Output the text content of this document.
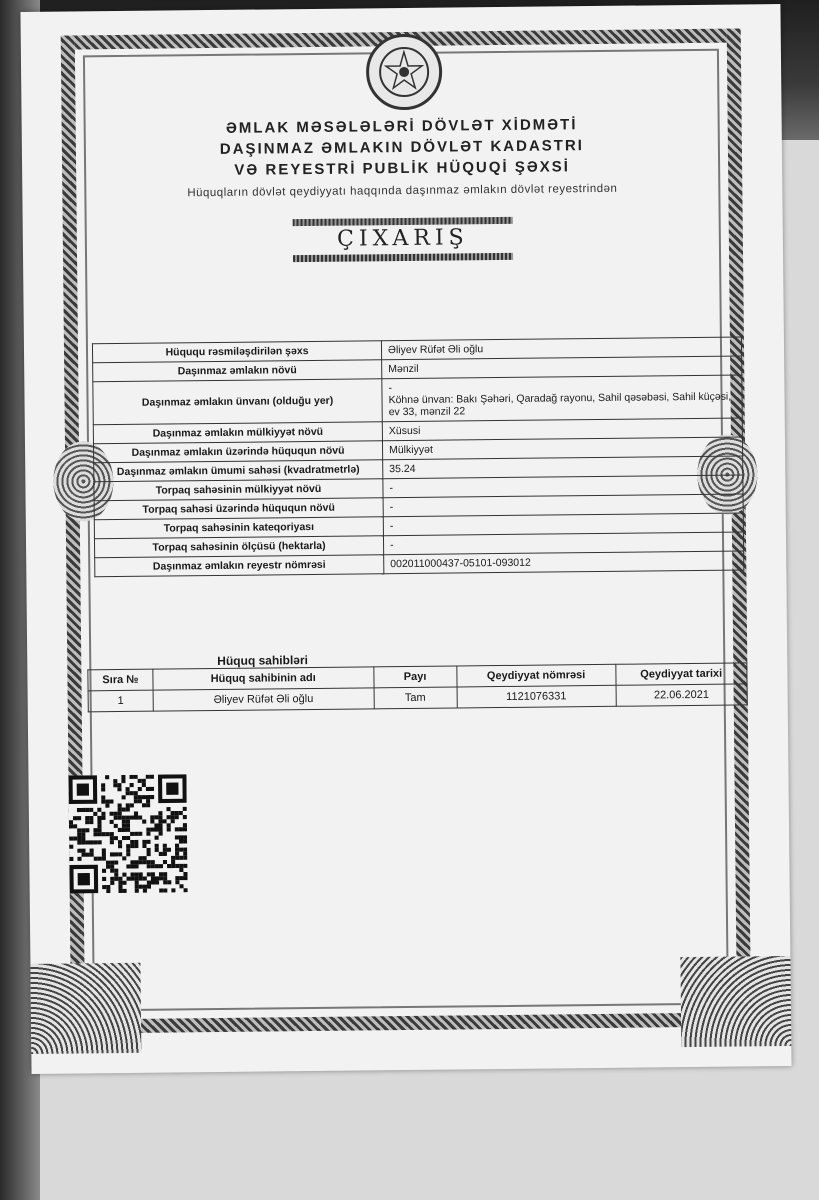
ƏMLAK MƏSƏLƏLƏRİ DÖVLƏT XİDMƏTİ
DAŞINMAZ ƏMLAKIN DÖVLƏT KADASTRI
VƏ REYESTRİ PUBLİK HÜQUQİ ŞƏXSİ
Hüquqların dövlət qeydiyyatı haqqında daşınmaz əmlakın dövlət reyestrindən
ÇIXARIŞ
Hüququ rəsmiləşdirilən şəxs	Əliyev Rüfət Əli oğlu
Daşınmaz əmlakın növü	Mənzil
Daşınmaz əmlakın ünvanı (olduğu yer)	-
Köhnə ünvan: Bakı Şəhəri, Qaradağ rayonu, Sahil qəsəbəsi, Sahil küçəsi, ev 33, mənzil 22
Daşınmaz əmlakın mülkiyyət növü	Xüsusi
Daşınmaz əmlakın üzərində hüququn növü	Mülkiyyət
Daşınmaz əmlakın ümumi sahəsi (kvadratmetrlə)	35.24
Torpaq sahəsinin mülkiyyət növü	-
Torpaq sahəsi üzərində hüququn növü	-
Torpaq sahəsinin kateqoriyası	-
Torpaq sahəsinin ölçüsü (hektarla)	-
Daşınmaz əmlakın reyestr nömrəsi	002011000437-05101-093012
Hüquq sahibləri
Sıra №	Hüquq sahibinin adı	Payı	Qeydiyyat nömrəsi	Qeydiyyat tarixi
1	Əliyev Rüfət Əli oğlu	Tam	1121076331	22.06.2021
